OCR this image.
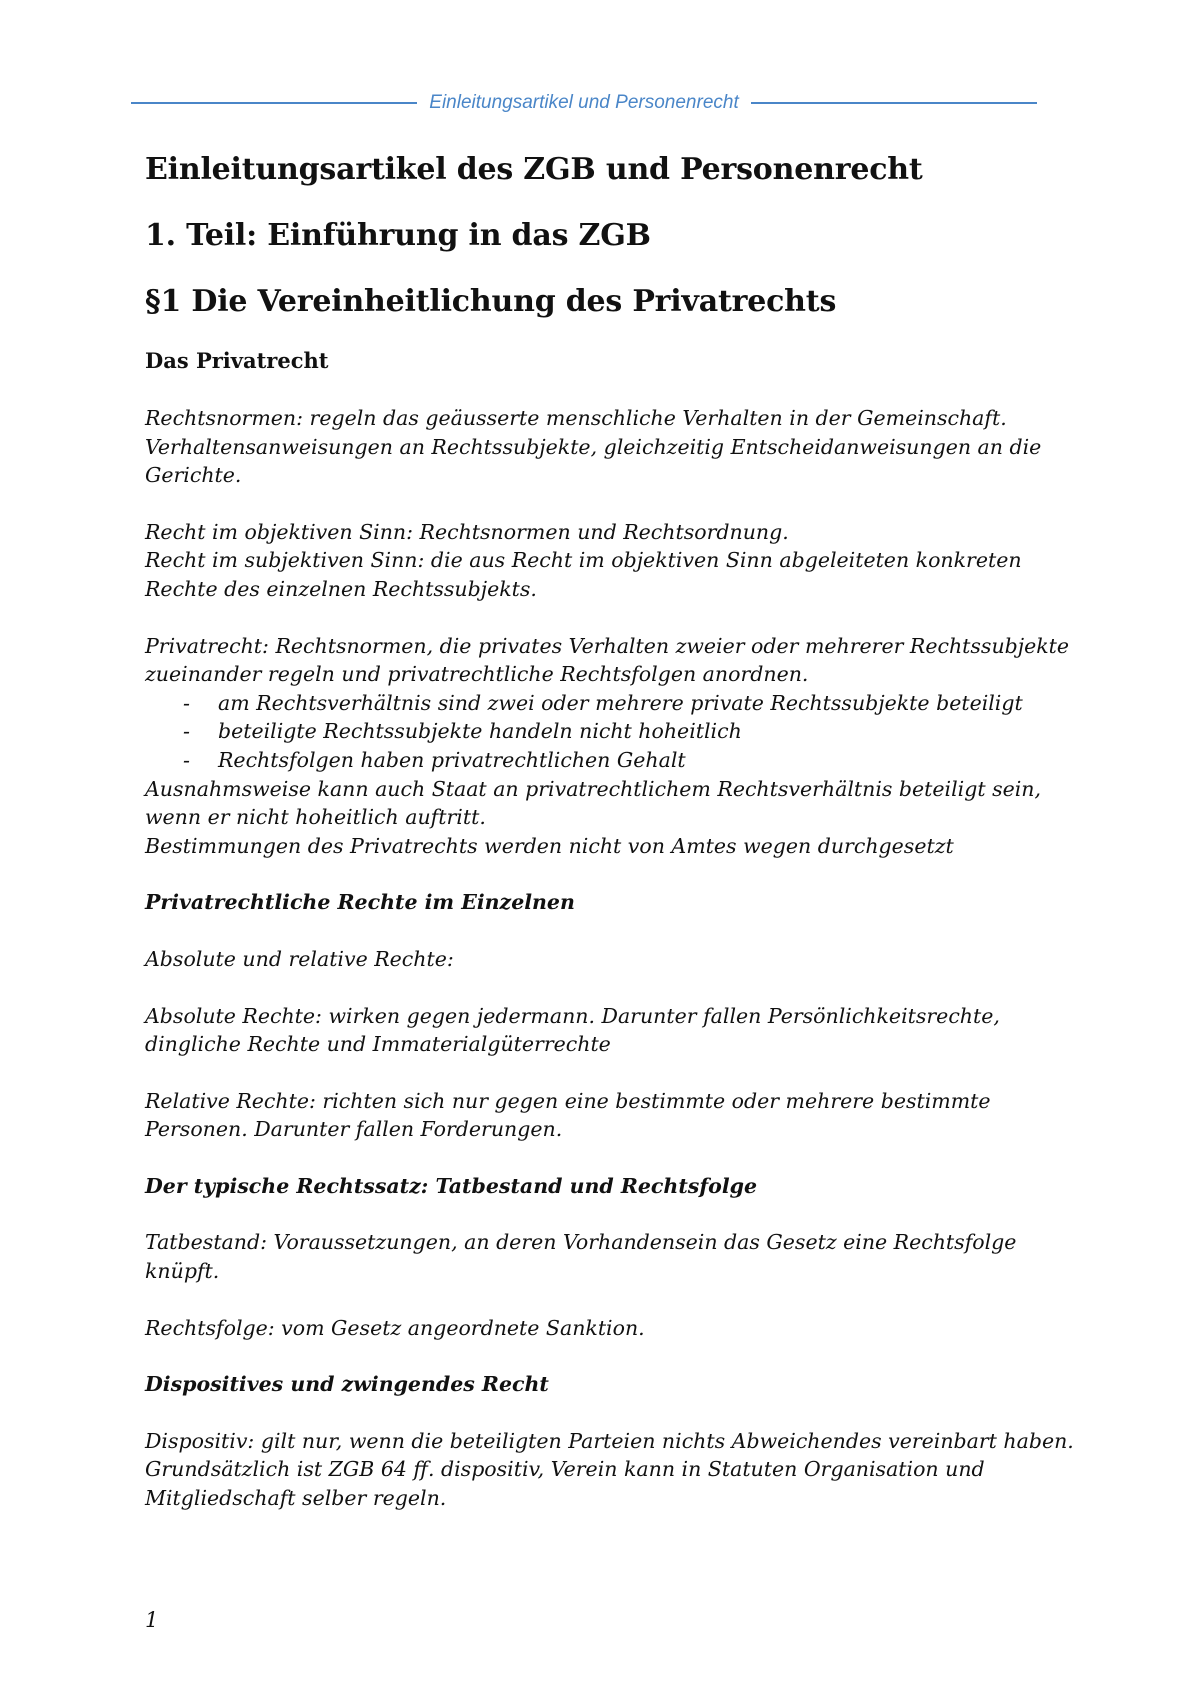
Einleitungsartikel und Personenrecht
Einleitungsartikel des ZGB und Personenrecht
1. Teil: Einführung in das ZGB
§1 Die Vereinheitlichung des Privatrechts
Das Privatrecht

Rechtsnormen: regeln das geäusserte menschliche Verhalten in der Gemeinschaft. Verhaltensanweisungen an Rechtssubjekte, gleichzeitig Entscheidanweisungen an die Gerichte.

Recht im objektiven Sinn: Rechtsnormen und Rechtsordnung.

Recht im subjektiven Sinn: die aus Recht im objektiven Sinn abgeleiteten konkreten Rechte des einzelnen Rechtssubjekts.

Privatrecht: Rechtsnormen, die privates Verhalten zweier oder mehrerer Rechtssubjekte zueinander regeln und privatrechtliche Rechtsfolgen anordnen.

- am Rechtsverhältnis sind zwei oder mehrere private Rechtssubjekte beteiligt
- beteiligte Rechtssubjekte handeln nicht hoheitlich
- Rechtsfolgen haben privatrechtlichen Gehalt

Ausnahmsweise kann auch Staat an privatrechtlichem Rechtsverhältnis beteiligt sein, wenn er nicht hoheitlich auftritt.

Bestimmungen des Privatrechts werden nicht von Amtes wegen durchgesetzt

Privatrechtliche Rechte im Einzelnen

Absolute und relative Rechte:

Absolute Rechte: wirken gegen jedermann. Darunter fallen Persönlichkeitsrechte, dingliche Rechte und Immaterialgüterrechte

Relative Rechte: richten sich nur gegen eine bestimmte oder mehrere bestimmte Personen. Darunter fallen Forderungen.

Der typische Rechtssatz: Tatbestand und Rechtsfolge

Tatbestand: Voraussetzungen, an deren Vorhandensein das Gesetz eine Rechtsfolge knüpft.

Rechtsfolge: vom Gesetz angeordnete Sanktion.

Dispositives und zwingendes Recht

Dispositiv: gilt nur, wenn die beteiligten Parteien nichts Abweichendes vereinbart haben. Grundsätzlich ist ZGB 64 ff. dispositiv, Verein kann in Statuten Organisation und Mitgliedschaft selber regeln.

1
